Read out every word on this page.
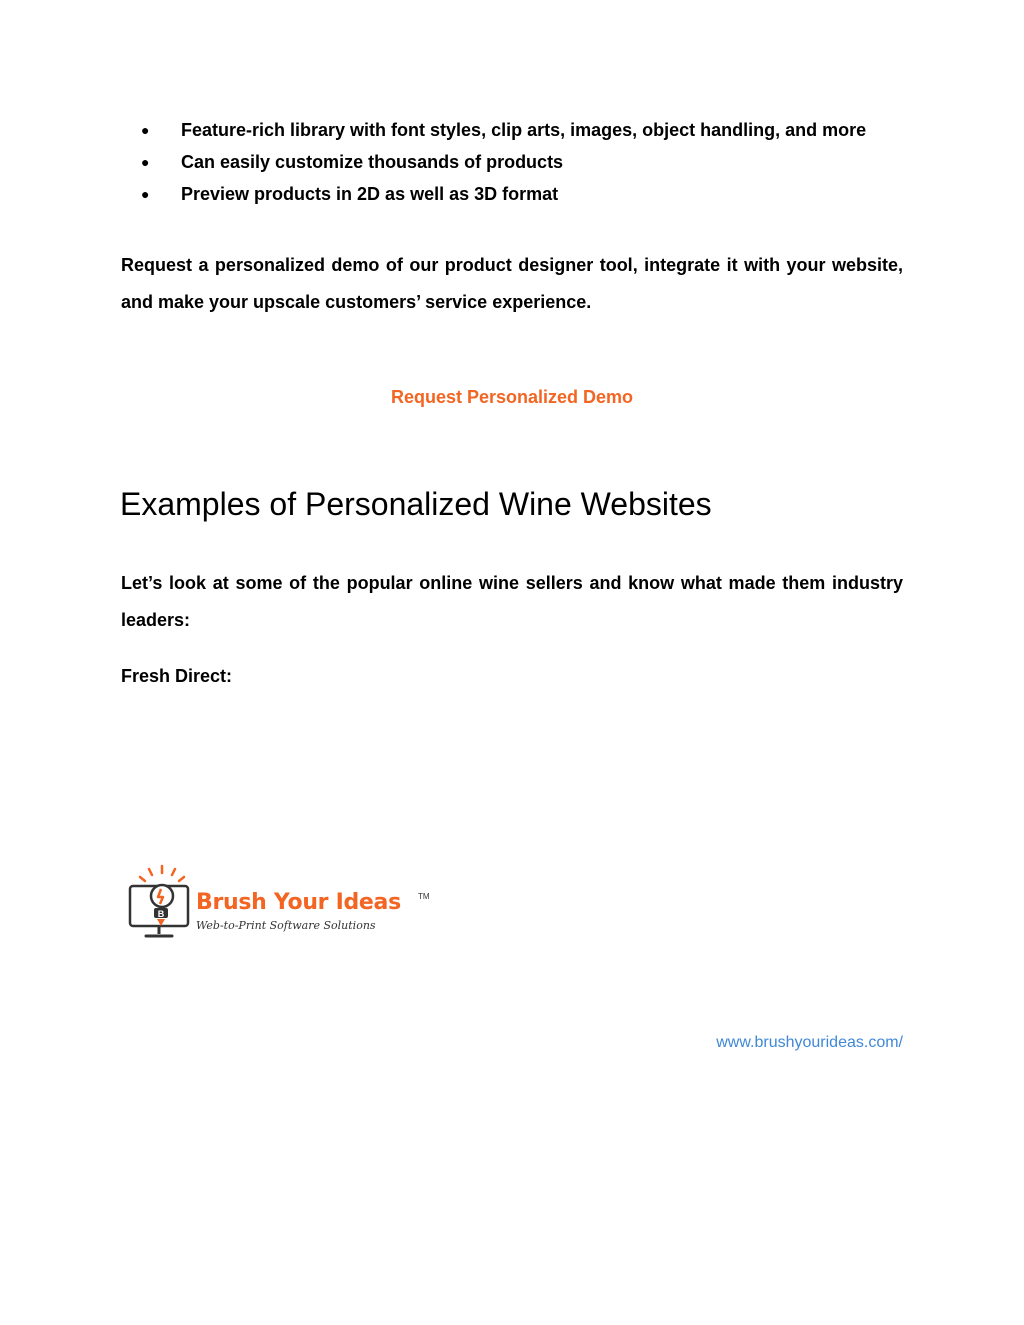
● Feature-rich library with font styles, clip arts, images, object handling, and more
● Can easily customize thousands of products
● Preview products in 2D as well as 3D format

Request a personalized demo of our product designer tool, integrate it with your website, and make your upscale customers’ service experience.

Request Personalized Demo
Examples of Personalized Wine Websites

Let’s look at some of the popular online wine sellers and know what made them industry leaders:

Fresh Direct:

B Brush Your Ideas TM
Web-to-Print Software Solutions
www.brushyourideas.com/
